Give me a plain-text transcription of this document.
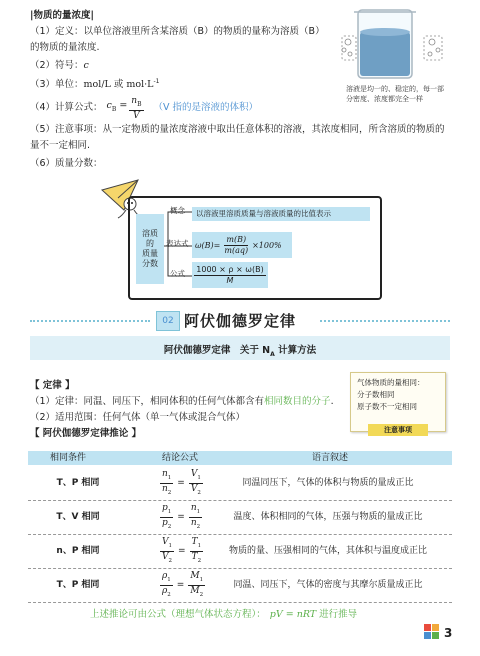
|物质的量浓度|
（1）定义：以单位溶液里所含某溶质（B）的物质的量称为溶质（B）
的物质的量浓度.
（2）符号：c
（3）单位：mol/L 或 $mol\cdot L^{-1}$
（4）计算公式： $c_B = \frac{n_B}{V} (V$ 指的是溶液的体积）
（5）注意事项：从一定物质的量浓度溶液中取出任意体积的溶液，其浓度相同，所含溶质的物质的
量不一定相同.
（6）质量分数：
溶液是均一的、稳定的，每一部
分密度、浓度都完全一样
溶质
的
质量
分数
概念	以溶液里溶质质量与溶液质量的比值表示
表达式 $\omega(B)= \frac{m(B)}{m(aq)} \times 100\%$
公式 $\frac{1000 \times \rho \times \omega(B)}{M}$
02 阿伏伽德罗定律
阿伏伽德罗定律　关于 $N_A$ 计算方法
【 定律 】
（1）定律：同温、同压下，相同体积的任何气体都含有相同数目的分子.
（2）适用范围：任何气体（单一气体或混合气体）
【 阿伏伽德罗定律推论 】
气体物质的量相同：
分子数相同
原子数不一定相同
注意事项
相同条件	结论公式	语言叙述
T、P 相同	$\frac{n_1}{n_2} = \frac{V_1}{V_2}$	同温同压下，气体的体积与物质的量成正比
T、V 相同	$\frac{p_1}{p_2} = \frac{n_1}{n_2}$	温度、体积相同的气体，压强与物质的量成正比
n、P 相同	$\frac{V_1}{V_2} = \frac{T_1}{T_2}$	物质的量、压强相同的气体，其体积与温度成正比
T、P 相同	$\frac{\rho_1}{\rho_2} = \frac{M_1}{M_2}$	同温、同压下，气体的密度与其摩尔质量成正比
上述推论可由公式（理想气体状态方程）： pV = nRT 进行推导
3
